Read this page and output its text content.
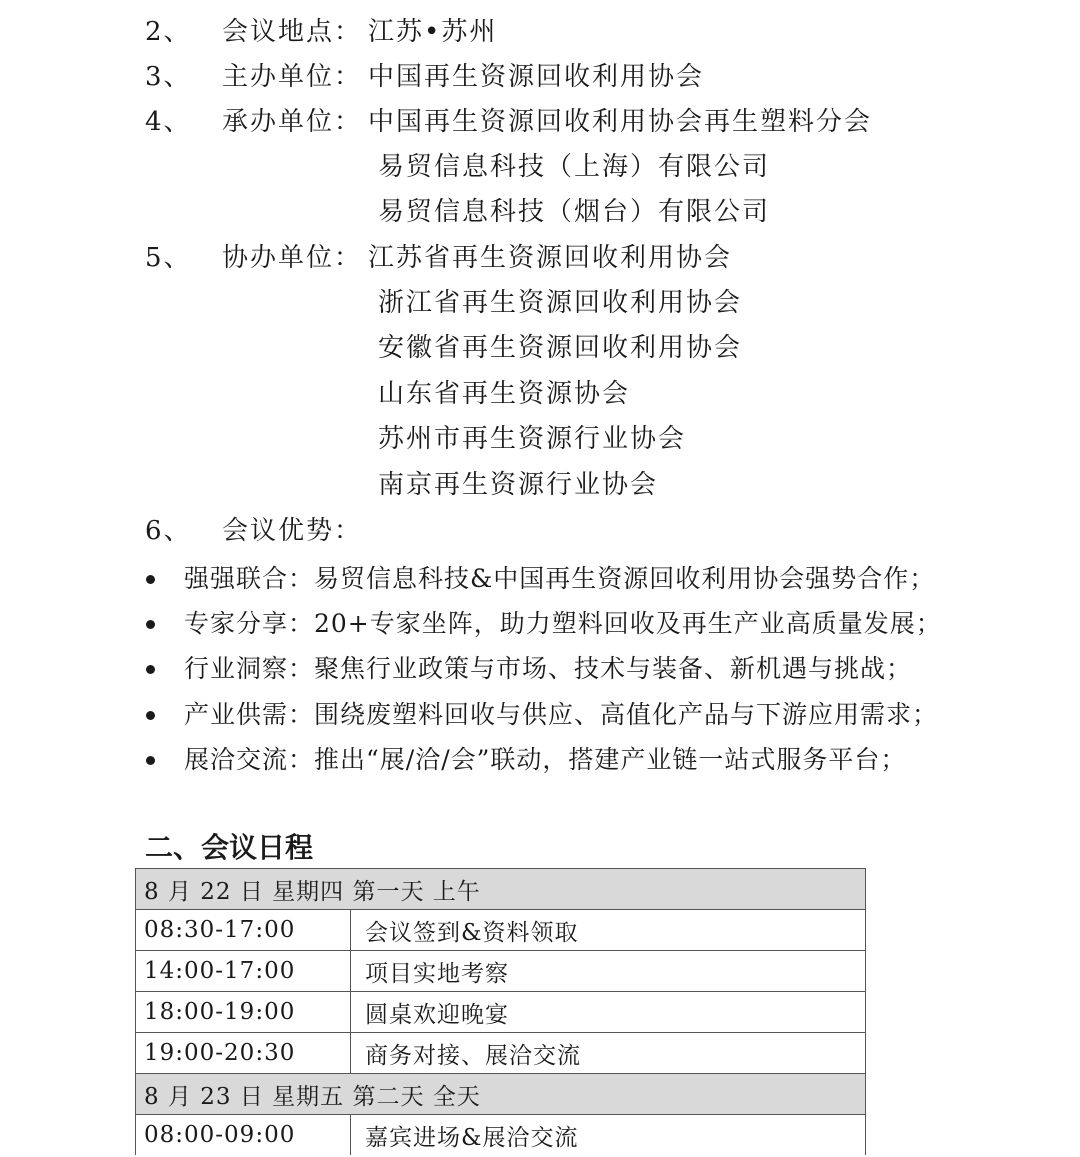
2、 会议地点： 江苏•苏州
3、 主办单位： 中国再生资源回收利用协会
4、 承办单位： 中国再生资源回收利用协会再生塑料分会
易贸信息科技（上海）有限公司
易贸信息科技（烟台）有限公司
5、 协办单位： 江苏省再生资源回收利用协会
浙江省再生资源回收利用协会
安徽省再生资源回收利用协会
山东省再生资源协会
苏州市再生资源行业协会
南京再生资源行业协会
6、 会议优势：
强强联合：易贸信息科技&中国再生资源回收利用协会强势合作；
专家分享：20+专家坐阵，助力塑料回收及再生产业高质量发展；
行业洞察：聚焦行业政策与市场、技术与装备、新机遇与挑战；
产业供需：围绕废塑料回收与供应、高值化产品与下游应用需求；
展洽交流：推出“展/洽/会”联动，搭建产业链一站式服务平台；
二、会议日程
8 月 22 日 星期四 第一天 上午	
08:30-17:00	会议签到&资料领取
14:00-17:00	项目实地考察
18:00-19:00	圆桌欢迎晚宴
19:00-20:30	商务对接、展洽交流
8 月 23 日 星期五 第二天 全天	
08:00-09:00	嘉宾进场&展洽交流
